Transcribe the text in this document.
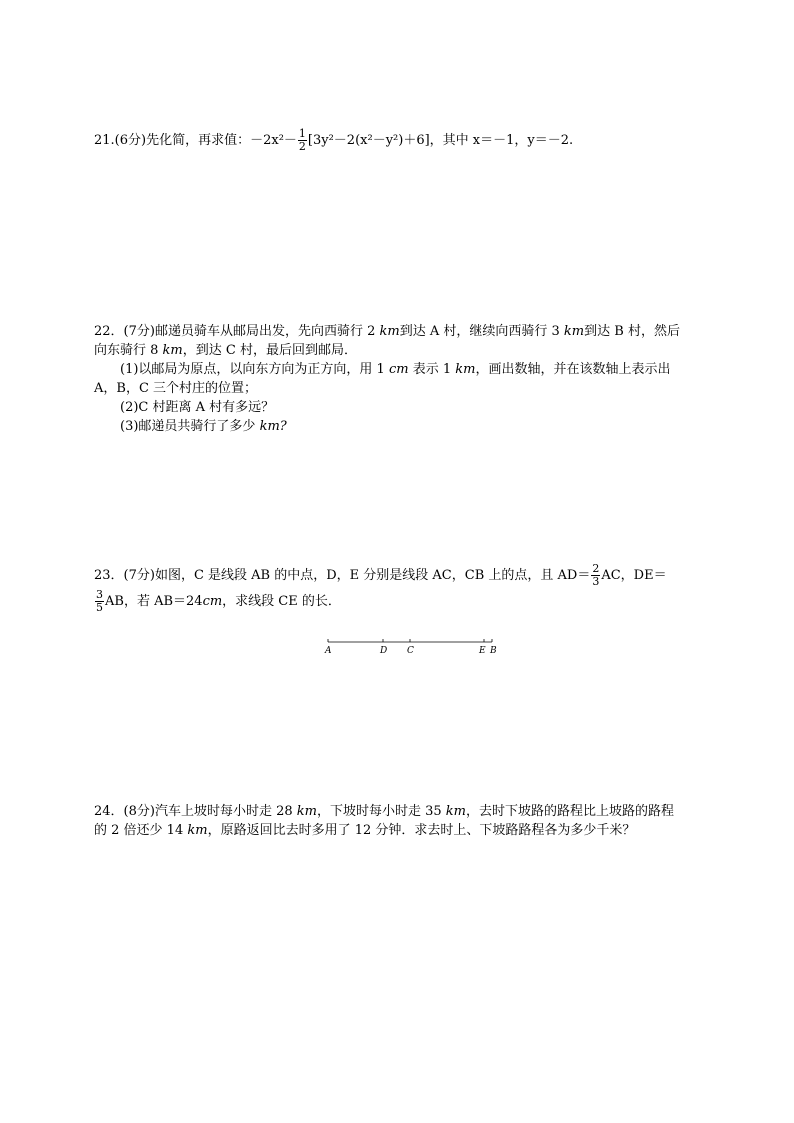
21.(6分)先化简，再求值：$-2x^2- \frac{1}{2} [3y^2-2(x^2-y^2)+6]$，其中 x＝－1，y＝－2.
22．(7分)邮递员骑车从邮局出发，先向西骑行 2 km到达 A 村，继续向西骑行 3 km到达 B 村，然后
向东骑行 8 km，到达 C 村，最后回到邮局．
(1)以邮局为原点，以向东方向为正方向，用 1 cm 表示 1 km，画出数轴，并在该数轴上表示出
A，B，C 三个村庄的位置；
(2)C 村距离 A 村有多远？
(3)邮递员共骑行了多少 km?
23．(7分)如图，C 是线段 AB 的中点，D，E 分别是线段 AC，CB 上的点，且 $AD= \frac{2}{3}$ AC，DE＝
$\frac{3}{5}$ AB，若 AB＝24 cm ，求线段 CE 的长．
A	D C	E B
24．(8分)汽车上坡时每小时走 28 km，下坡时每小时走 35 km，去时下坡路的路程比上坡路的路程
的 2 倍还少 14 km，原路返回比去时多用了 12 分钟．求去时上、下坡路路程各为多少千米？
